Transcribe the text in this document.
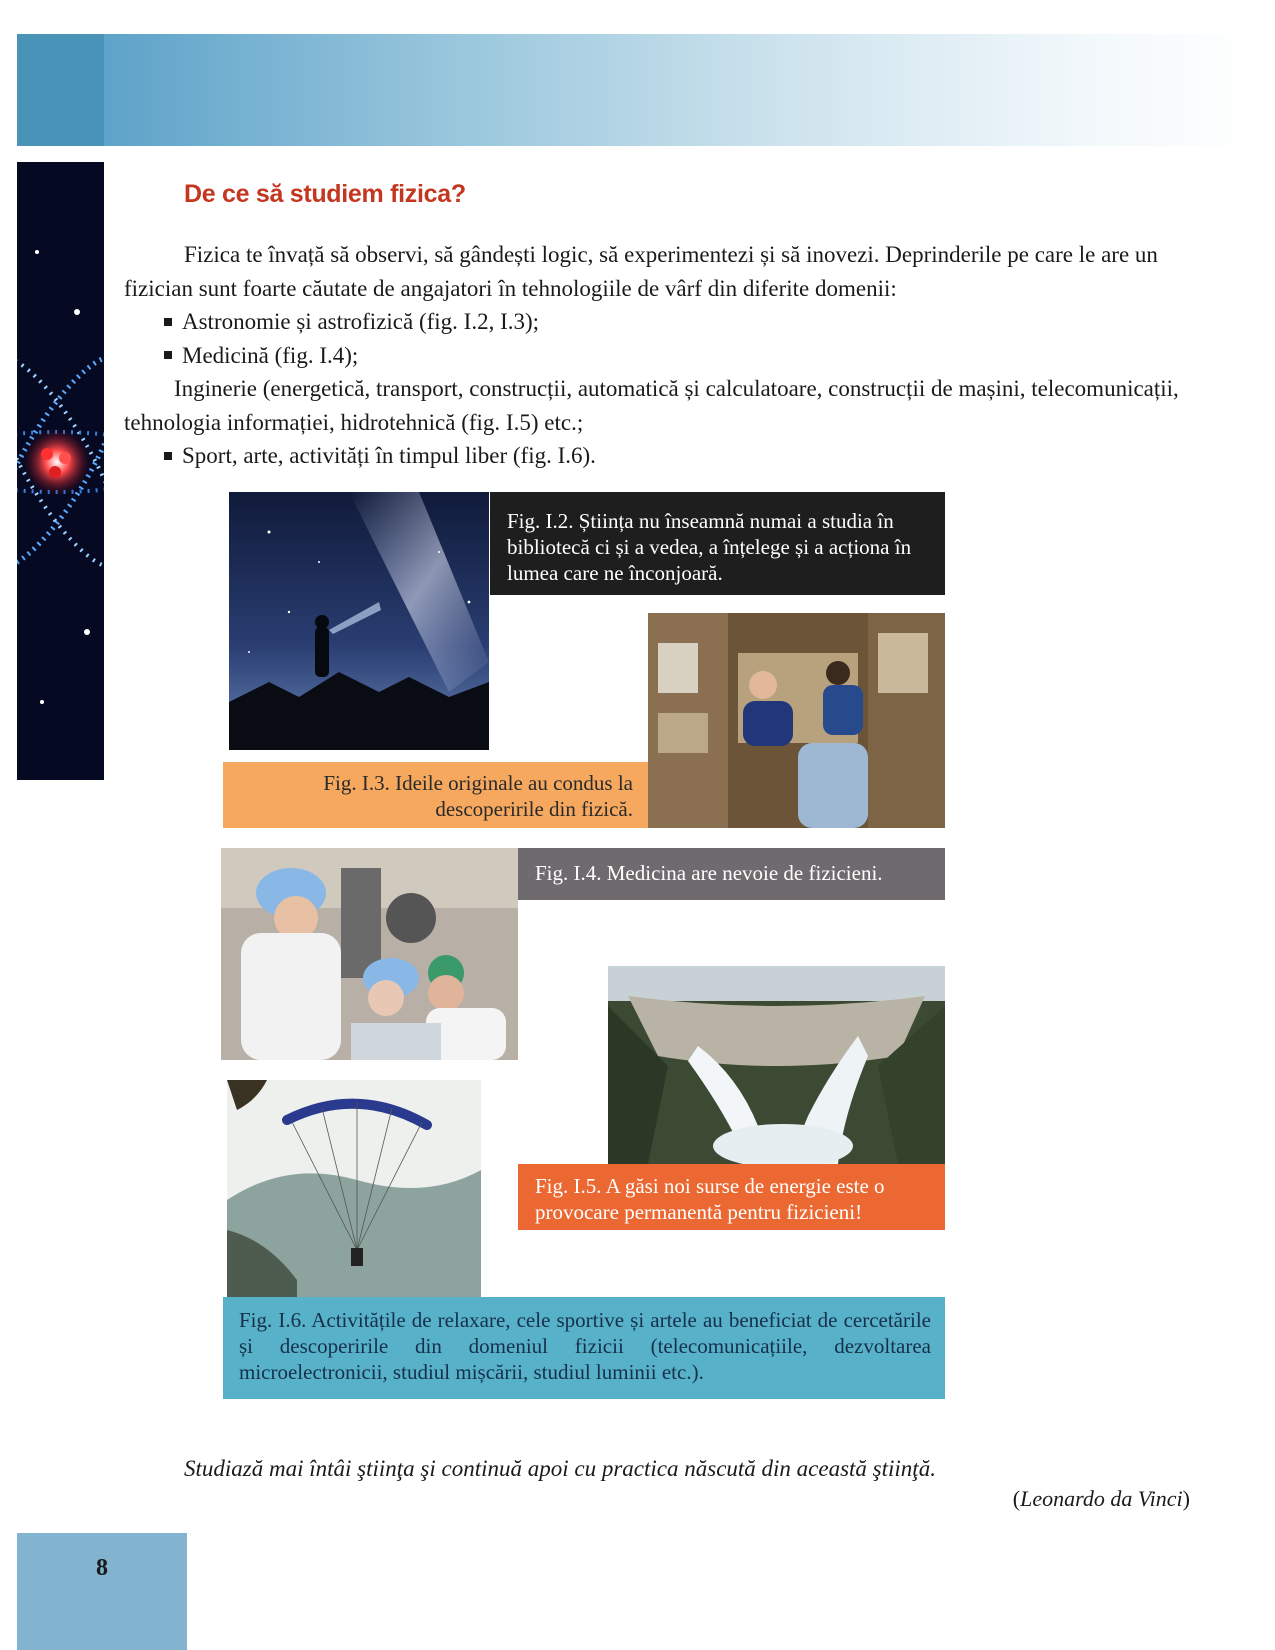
De ce să studiem fizica?

Fizica te învață să observi, să gândești logic, să experimentezi și să inovezi. Deprinderile pe care le are un fizician sunt foarte căutate de angajatori în tehnologiile de vârf din diferite domenii:

Astronomie și astrofizică (fig. I.2, I.3);

Medicină (fig. I.4);

Inginerie (energetică, transport, construcții, automatică și calculatoare, construcții de mașini, telecomunicații, tehnologia informației, hidrotehnică (fig. I.5) etc.;

Sport, arte, activități în timpul liber (fig. I.6).

Fig. I.2. Știința nu înseamnă numai a studia în bibliotecă ci și a vedea, a înțelege și a acționa în lumea care ne înconjoară.
Fig. I.3. Ideile originale au condus la descoperirile din fizică.
Fig. I.4. Medicina are nevoie de fizicieni.
Fig. I.5. A găsi noi surse de energie este o provocare permanentă pentru fizicieni!
Fig. I.6. Activitățile de relaxare, cele sportive și artele au beneficiat de cercetările și descoperirile din domeniul fizicii (telecomunicațiile, dezvoltarea microelectronicii, studiul mișcării, studiul luminii etc.).
Studiază mai întâi ştiinţa şi continuă apoi cu practica născută din această ştiinţă.
(Leonardo da Vinci)
8
